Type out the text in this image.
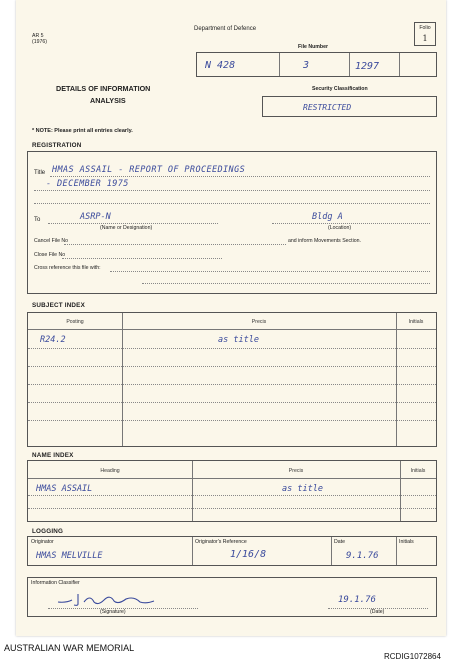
AR 5
(1976)
Department of Defence	Folio
1
File Number
N 428	3	1297
DETAILS OF INFORMATION
ANALYSIS
Security Classification
RESTRICTED
* NOTE: Please print all entries clearly.
REGISTRATION
Title HMAS ASSAIL - REPORT OF PROCEEDINGS
- DECEMBER 1975
To	ASRP-N
(Name or Designation)
Bldg A
(Location)
Cancel File No	and inform Movements Section.
Close File No
Cross reference this file with:
SUBJECT INDEX
Posting	Precis	Initials
R24.2	as title
NAME INDEX
Heading	Precis	Initials
HMAS ASSAIL	as title
LOGGING
Originator	Originator's Reference	Date	Initials
HMAS MELVILLE	1/16/8	9.1.76
Information Classifier
(Signature)
19.1.76
(Date)
AUSTRALIAN WAR MEMORIAL
RCDIG1072864
